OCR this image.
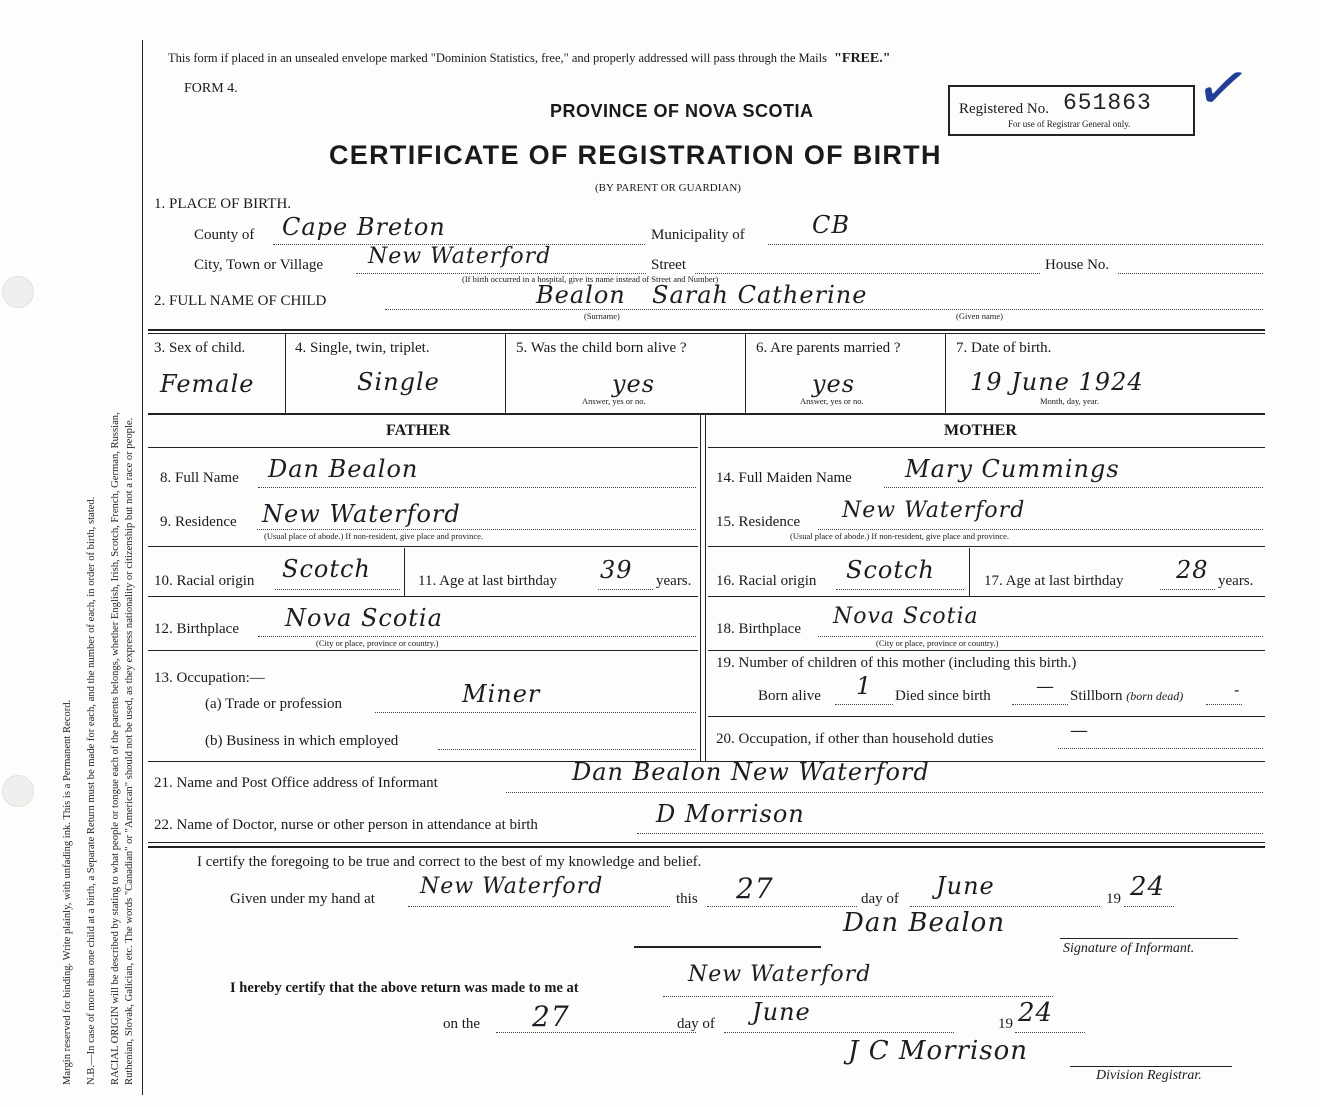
Margin reserved for binding. Write plainly, with unfading ink. This is a Permanent Record. N.B.—In case of more than one child at a birth, a Separate Return must be made for each, and the number of each, in order of birth, stated. RACIAL ORIGIN will be described by stating to what people or tongue each of the parents belongs, whether English, Irish, Scotch, French, German, Russian, Ruthenian, Slovak, Galician, etc. The words "Canadian" or "American" should not be used, as they express nationality or citizenship but not a race or people.
This form if placed in an unsealed envelope marked "Dominion Statistics, free," and properly addressed will pass through the Mails "FREE."
FORM 4.
PROVINCE OF NOVA SCOTIA
CERTIFICATE OF REGISTRATION OF BIRTH
(BY PARENT OR GUARDIAN)
Registered No. 651863
For use of Registrar General only. ✓
1. PLACE OF BIRTH.
County of Cape Breton	Municipality of	CB
City, Town or Village New Waterford	Street	House No.
(If birth occurred in a hospital, give its name instead of Street and Number)
2. FULL NAME OF CHILD	Bealon Sarah Catherine
(Surname)	(Given name)
3. Sex of child.
Female
4. Single, twin, triplet.
Single
5. Was the child born alive ?
yes
Answer, yes or no.
6. Are parents married ?
yes
Answer, yes or no.
7. Date of birth.
19 June 1924
Month, day, year.
FATHER	MOTHER
8. Full Name Dan Bealon	14. Full Maiden Name Mary Cummings
9. Residence New Waterford
(Usual place of abode.) If non-resident, give place and province.
15. Residence New Waterford
(Usual place of abode.) If non-resident, give place and province.
10. Racial origin Scotch	11. Age at last birthday 39 years. 16. Racial origin Scotch	17. Age at last birthday 28 years.
12. Birthplace Nova Scotia
(City or place, province or country.)
18. Birthplace Nova Scotia
(City or place, province or country.)
13. Occupation:—
(a) Trade or profession	Miner
(b) Business in which employed
19. Number of children of this mother (including this birth.)
Born alive 1 Died since birth	— Stillborn (born dead)	-
20. Occupation, if other than household duties	—
21. Name and Post Office address of Informant	Dan Bealon New Waterford
22. Name of Doctor, nurse or other person in attendance at birth	D Morrison
I certify the foregoing to be true and correct to the best of my knowledge and belief.
Given under my hand at New Waterford	this 27	day of June	19 24
Dan Bealon
Signature of Informant.
I hereby certify that the above return was made to me at
New Waterford
on the 27	day of June	19 24
J C Morrison
Division Registrar.
